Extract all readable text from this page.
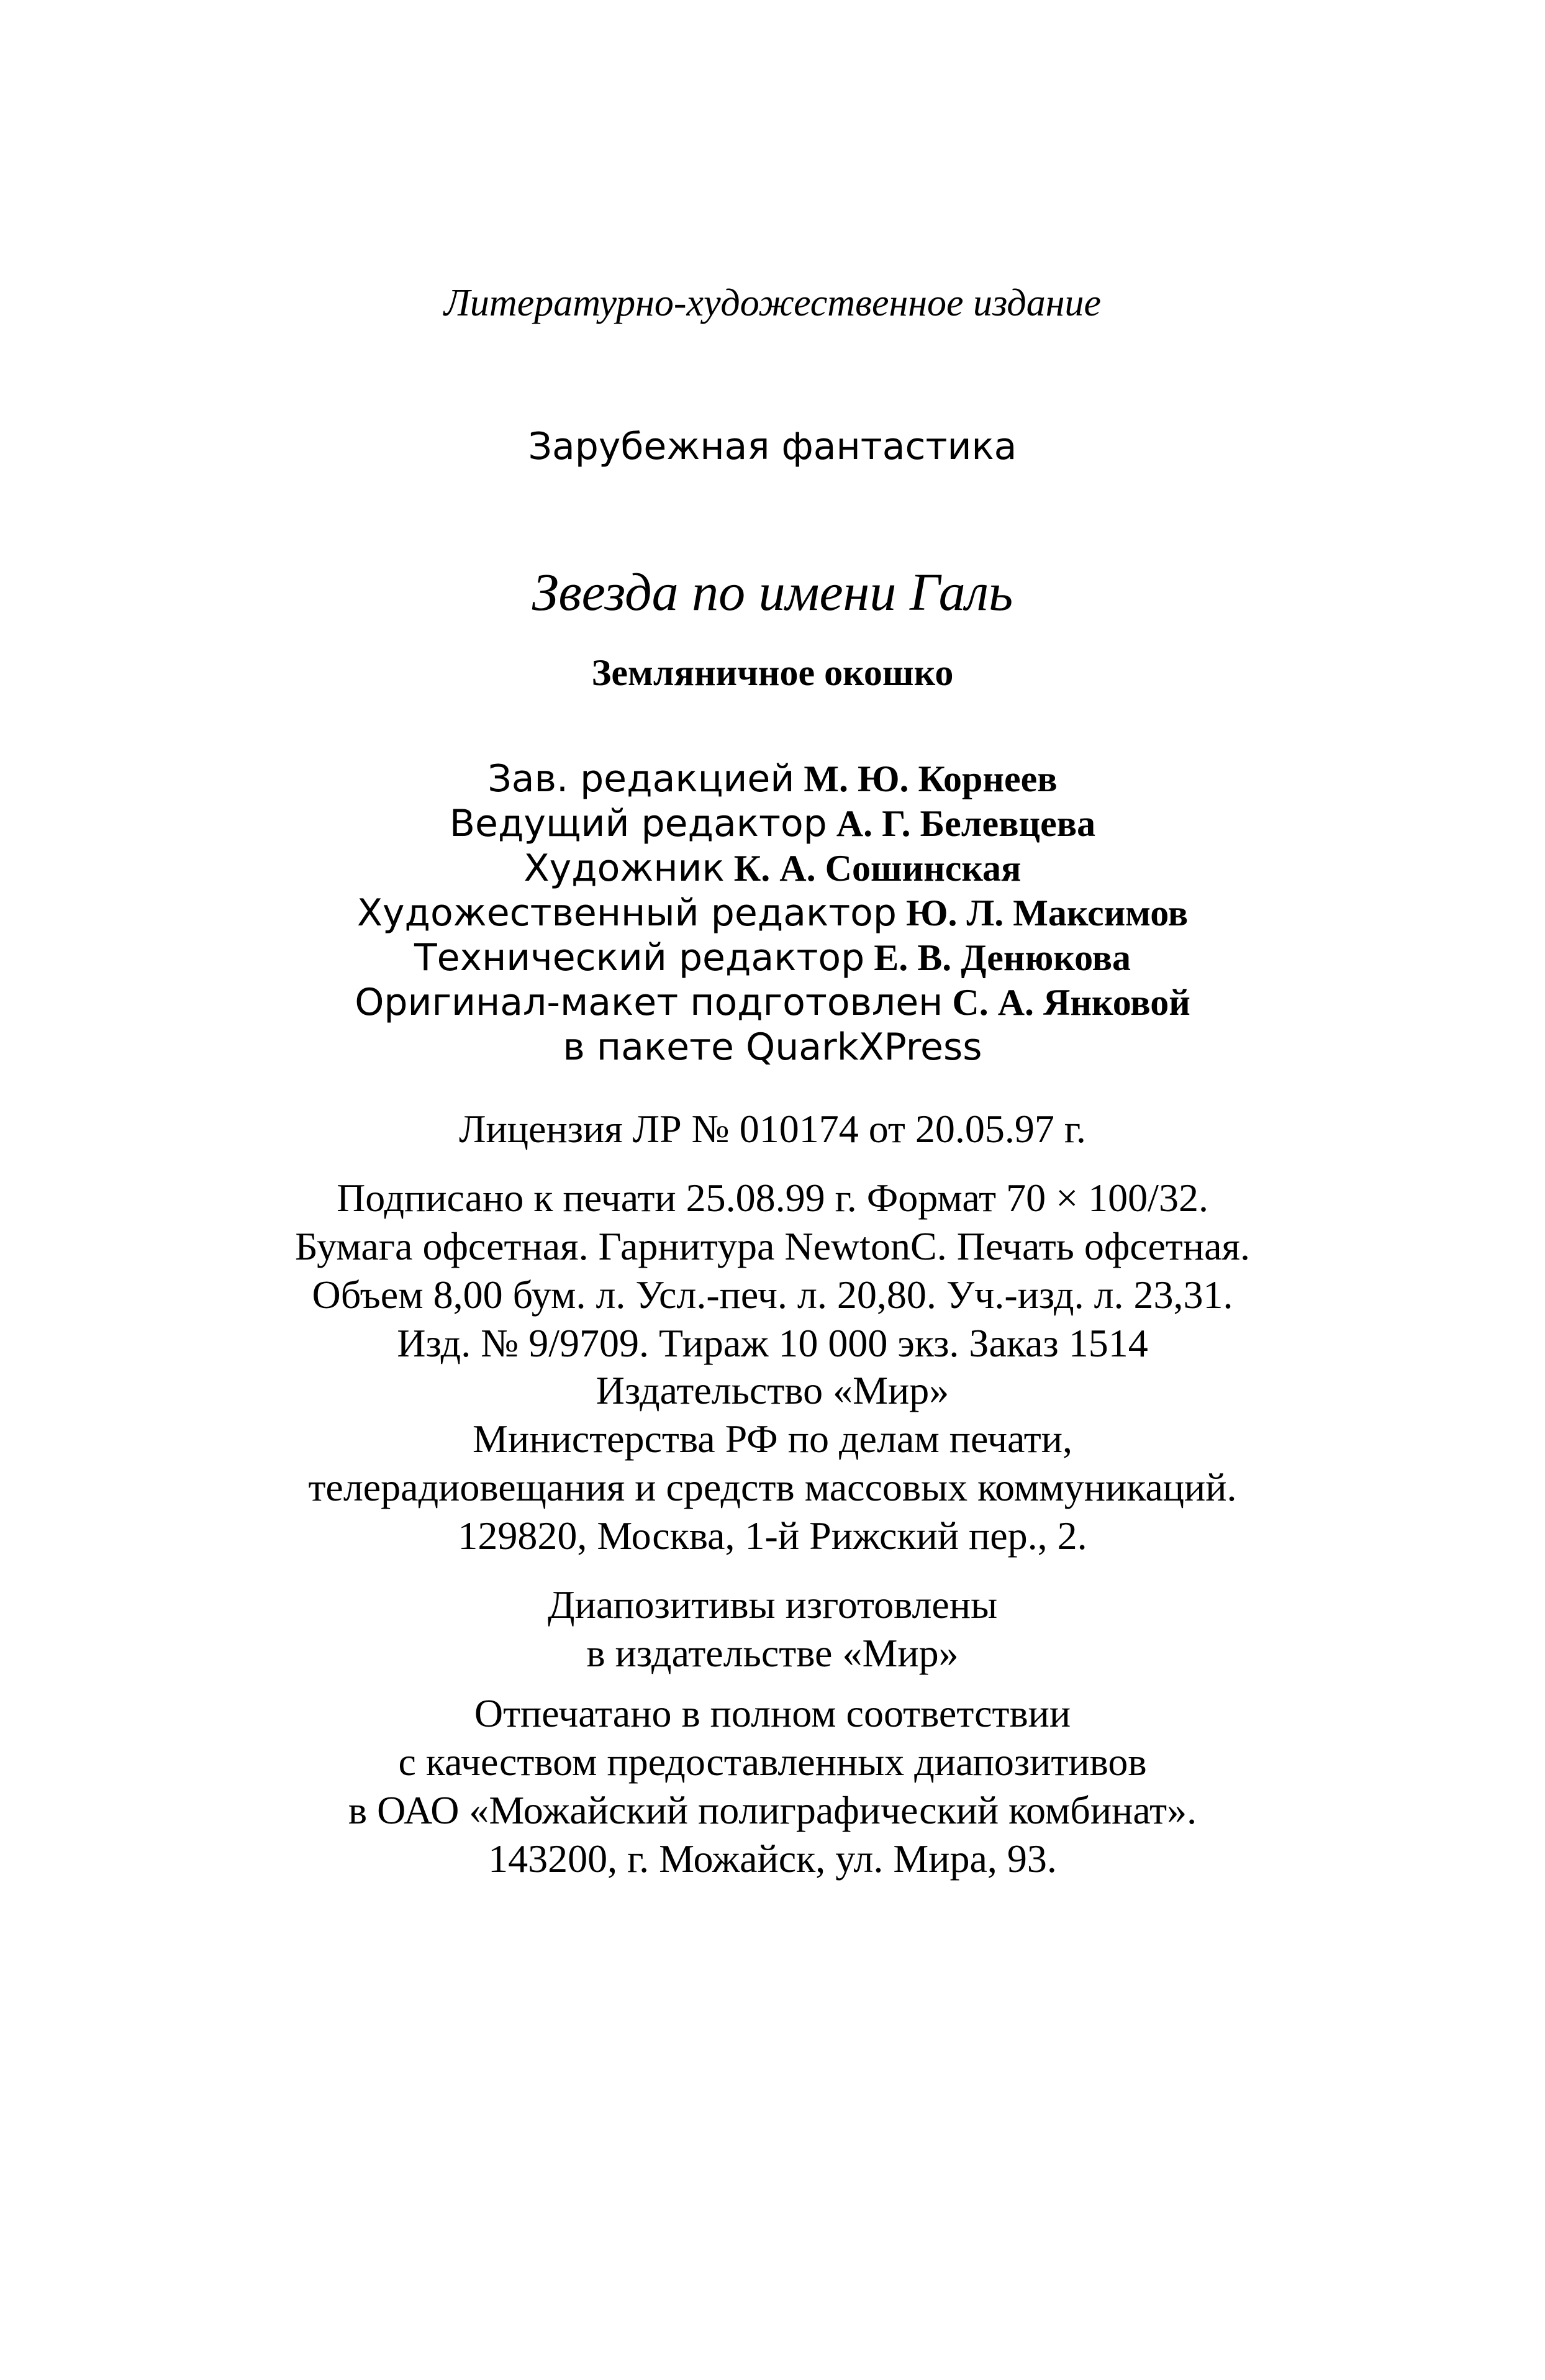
Литературно-художественное издание
Зарубежная фантастика
Звезда по имени Галь
Земляничное окошко
Зав. редакцией М. Ю. Корнеев
Ведущий редактор А. Г. Белевцева
Художник К. А. Сошинская
Художественный редактор Ю. Л. Максимов
Технический редактор Е. В. Денюкова
Оригинал-макет подготовлен С. А. Янковой
в пакете QuarkXPress
Лицензия ЛР № 010174 от 20.05.97 г.
Подписано к печати 25.08.99 г. Формат 70 × 100/32.
Бумага офсетная. Гарнитура NewtonC. Печать офсетная.
Объем 8,00 бум. л. Усл.-печ. л. 20,80. Уч.-изд. л. 23,31.
Изд. № 9/9709. Тираж 10 000 экз. Заказ 1514
Издательство «Мир»
Министерства РФ по делам печати,
телерадиовещания и средств массовых коммуникаций.
129820, Москва, 1-й Рижский пер., 2.
Диапозитивы изготовлены
в издательстве «Мир»
Отпечатано в полном соответствии
с качеством предоставленных диапозитивов
в ОАО «Можайский полиграфический комбинат».
143200, г. Можайск, ул. Мира, 93.
